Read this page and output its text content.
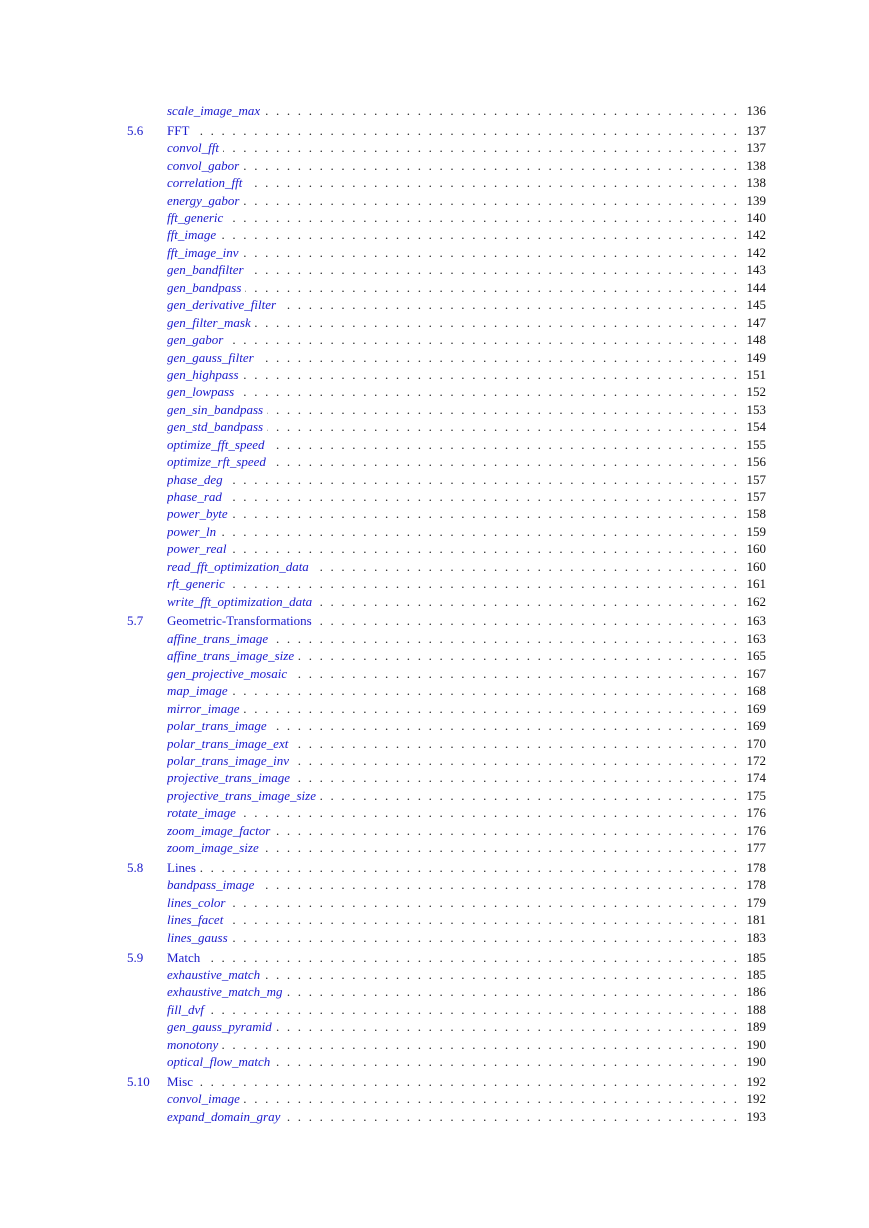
scale_image_max . . .	136
5.6 FFT . . .	137
convol_fft . . .	137
convol_gabor . . .	138
correlation_fft . . .	138
energy_gabor . . .	139
fft_generic . . .	140
fft_image . . .	142
fft_image_inv . . .	142
gen_bandfilter . . .	143
gen_bandpass . . .	144
gen_derivative_filter . . .	145
gen_filter_mask . . .	147
gen_gabor . . .	148
gen_gauss_filter . . .	149
gen_highpass . . .	151
gen_lowpass . . .	152
gen_sin_bandpass . . .	153
gen_std_bandpass . . .	154
optimize_fft_speed . . .	155
optimize_rft_speed . . .	156
phase_deg . . .	157
phase_rad . . .	157
power_byte . . .	158
power_ln . . .	159
power_real . . .	160
read_fft_optimization_data . . .	160
rft_generic . . .	161
write_fft_optimization_data . . .	162
5.7 Geometric-Transformations . . .	163
affine_trans_image . . .	163
affine_trans_image_size . . .	165
gen_projective_mosaic . . .	167
map_image . . .	168
mirror_image . . .	169
polar_trans_image . . .	169
polar_trans_image_ext . . .	170
polar_trans_image_inv . . .	172
projective_trans_image . . .	174
projective_trans_image_size . . .	175
rotate_image . . .	176
zoom_image_factor . . .	176
zoom_image_size . . .	177
5.8 Lines . . .	178
bandpass_image . . .	178
lines_color . . .	179
lines_facet . . .	181
lines_gauss . . .	183
5.9 Match . . .	185
exhaustive_match . . .	185
exhaustive_match_mg . . .	186
fill_dvf . . .	188
gen_gauss_pyramid . . .	189
monotony . . .	190
optical_flow_match . . .	190
5.10 Misc . . .	192
convol_image . . .	192
expand_domain_gray . . .	193
